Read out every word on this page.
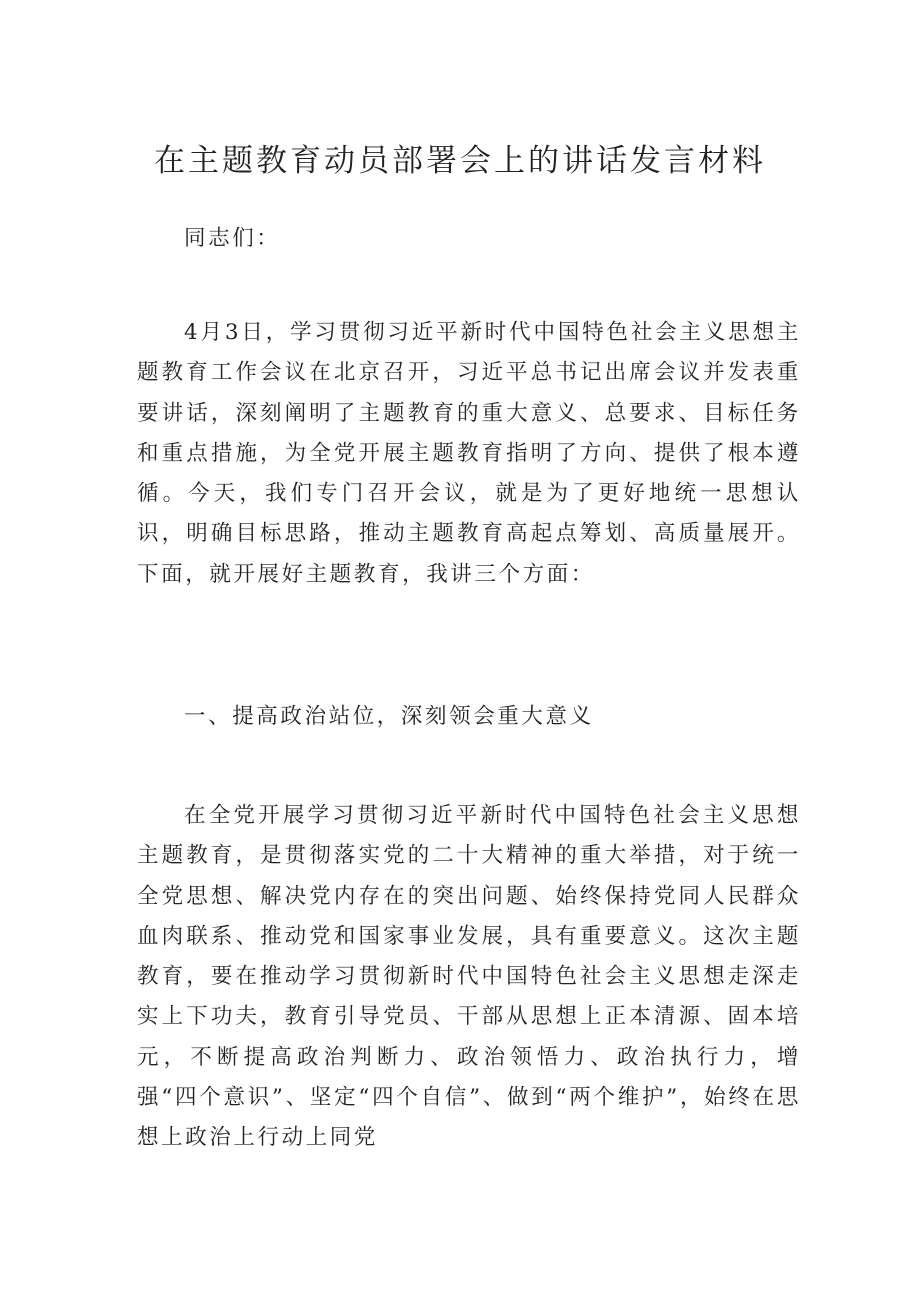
在主题教育动员部署会上的讲话发言材料

同志们：

4月3日，学习贯彻习近平新时代中国特色社会主义思想主题教育工作会议在北京召开，习近平总书记出席会议并发表重要讲话，深刻阐明了主题教育的重大意义、总要求、目标任务和重点措施，为全党开展主题教育指明了方向、提供了根本遵循。今天，我们专门召开会议，就是为了更好地统一思想认识，明确目标思路，推动主题教育高起点筹划、高质量展开。下面，就开展好主题教育，我讲三个方面：

一、提高政治站位，深刻领会重大意义

在全党开展学习贯彻习近平新时代中国特色社会主义思想主题教育，是贯彻落实党的二十大精神的重大举措，对于统一全党思想、解决党内存在的突出问题、始终保持党同人民群众血肉联系、推动党和国家事业发展，具有重要意义。这次主题教育，要在推动学习贯彻新时代中国特色社会主义思想走深走实上下功夫，教育引导党员、干部从思想上正本清源、固本培元，不断提高政治判断力、政治领悟力、政治执行力，增强“四个意识”、坚定“四个自信”、做到“两个维护”，始终在思想上政治上行动上同党
